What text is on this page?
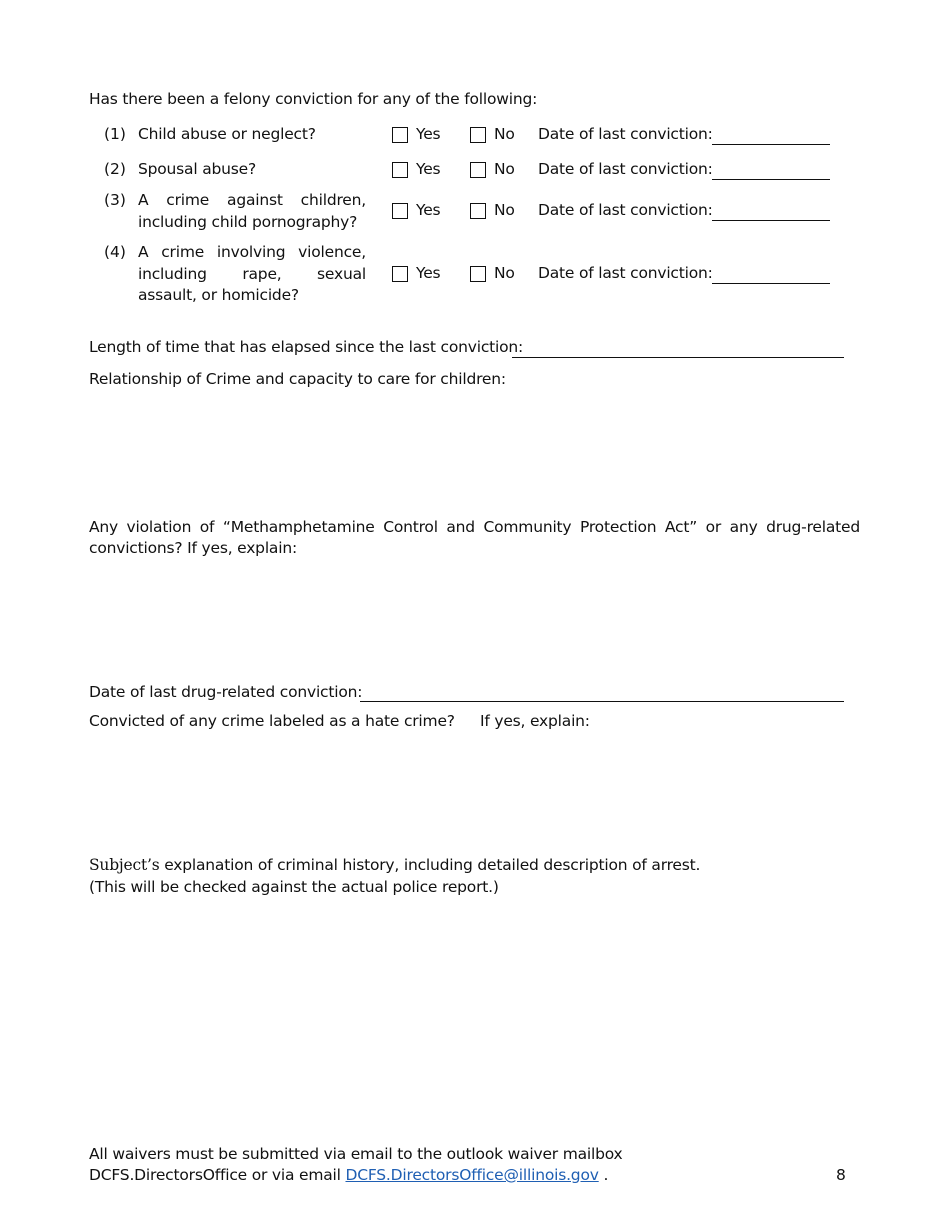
Has there been a felony conviction for any of the following:
(1) Child abuse or neglect?	Yes	No Date of last conviction:
(2) Spousal abuse?	Yes	No Date of last conviction:
(3) A crime against children, including child pornography?
Yes	No Date of last conviction:
(4) A crime involving violence, including rape, sexual assault, or homicide?
Yes	No Date of last conviction:
Length of time that has elapsed since the last conviction:
Relationship of Crime and capacity to care for children:
Any violation of “Methamphetamine Control and Community Protection Act” or any drug-related
convictions? If yes, explain:
Date of last drug-related conviction:
Convicted of any crime labeled as a hate crime? If yes, explain:
Subject’s explanation of criminal history, including detailed description of arrest.
(This will be checked against the actual police report.)
All waivers must be submitted via email to the outlook waiver mailbox
DCFS.DirectorsOffice or via email DCFS.DirectorsOffice@illinois.gov .	8
